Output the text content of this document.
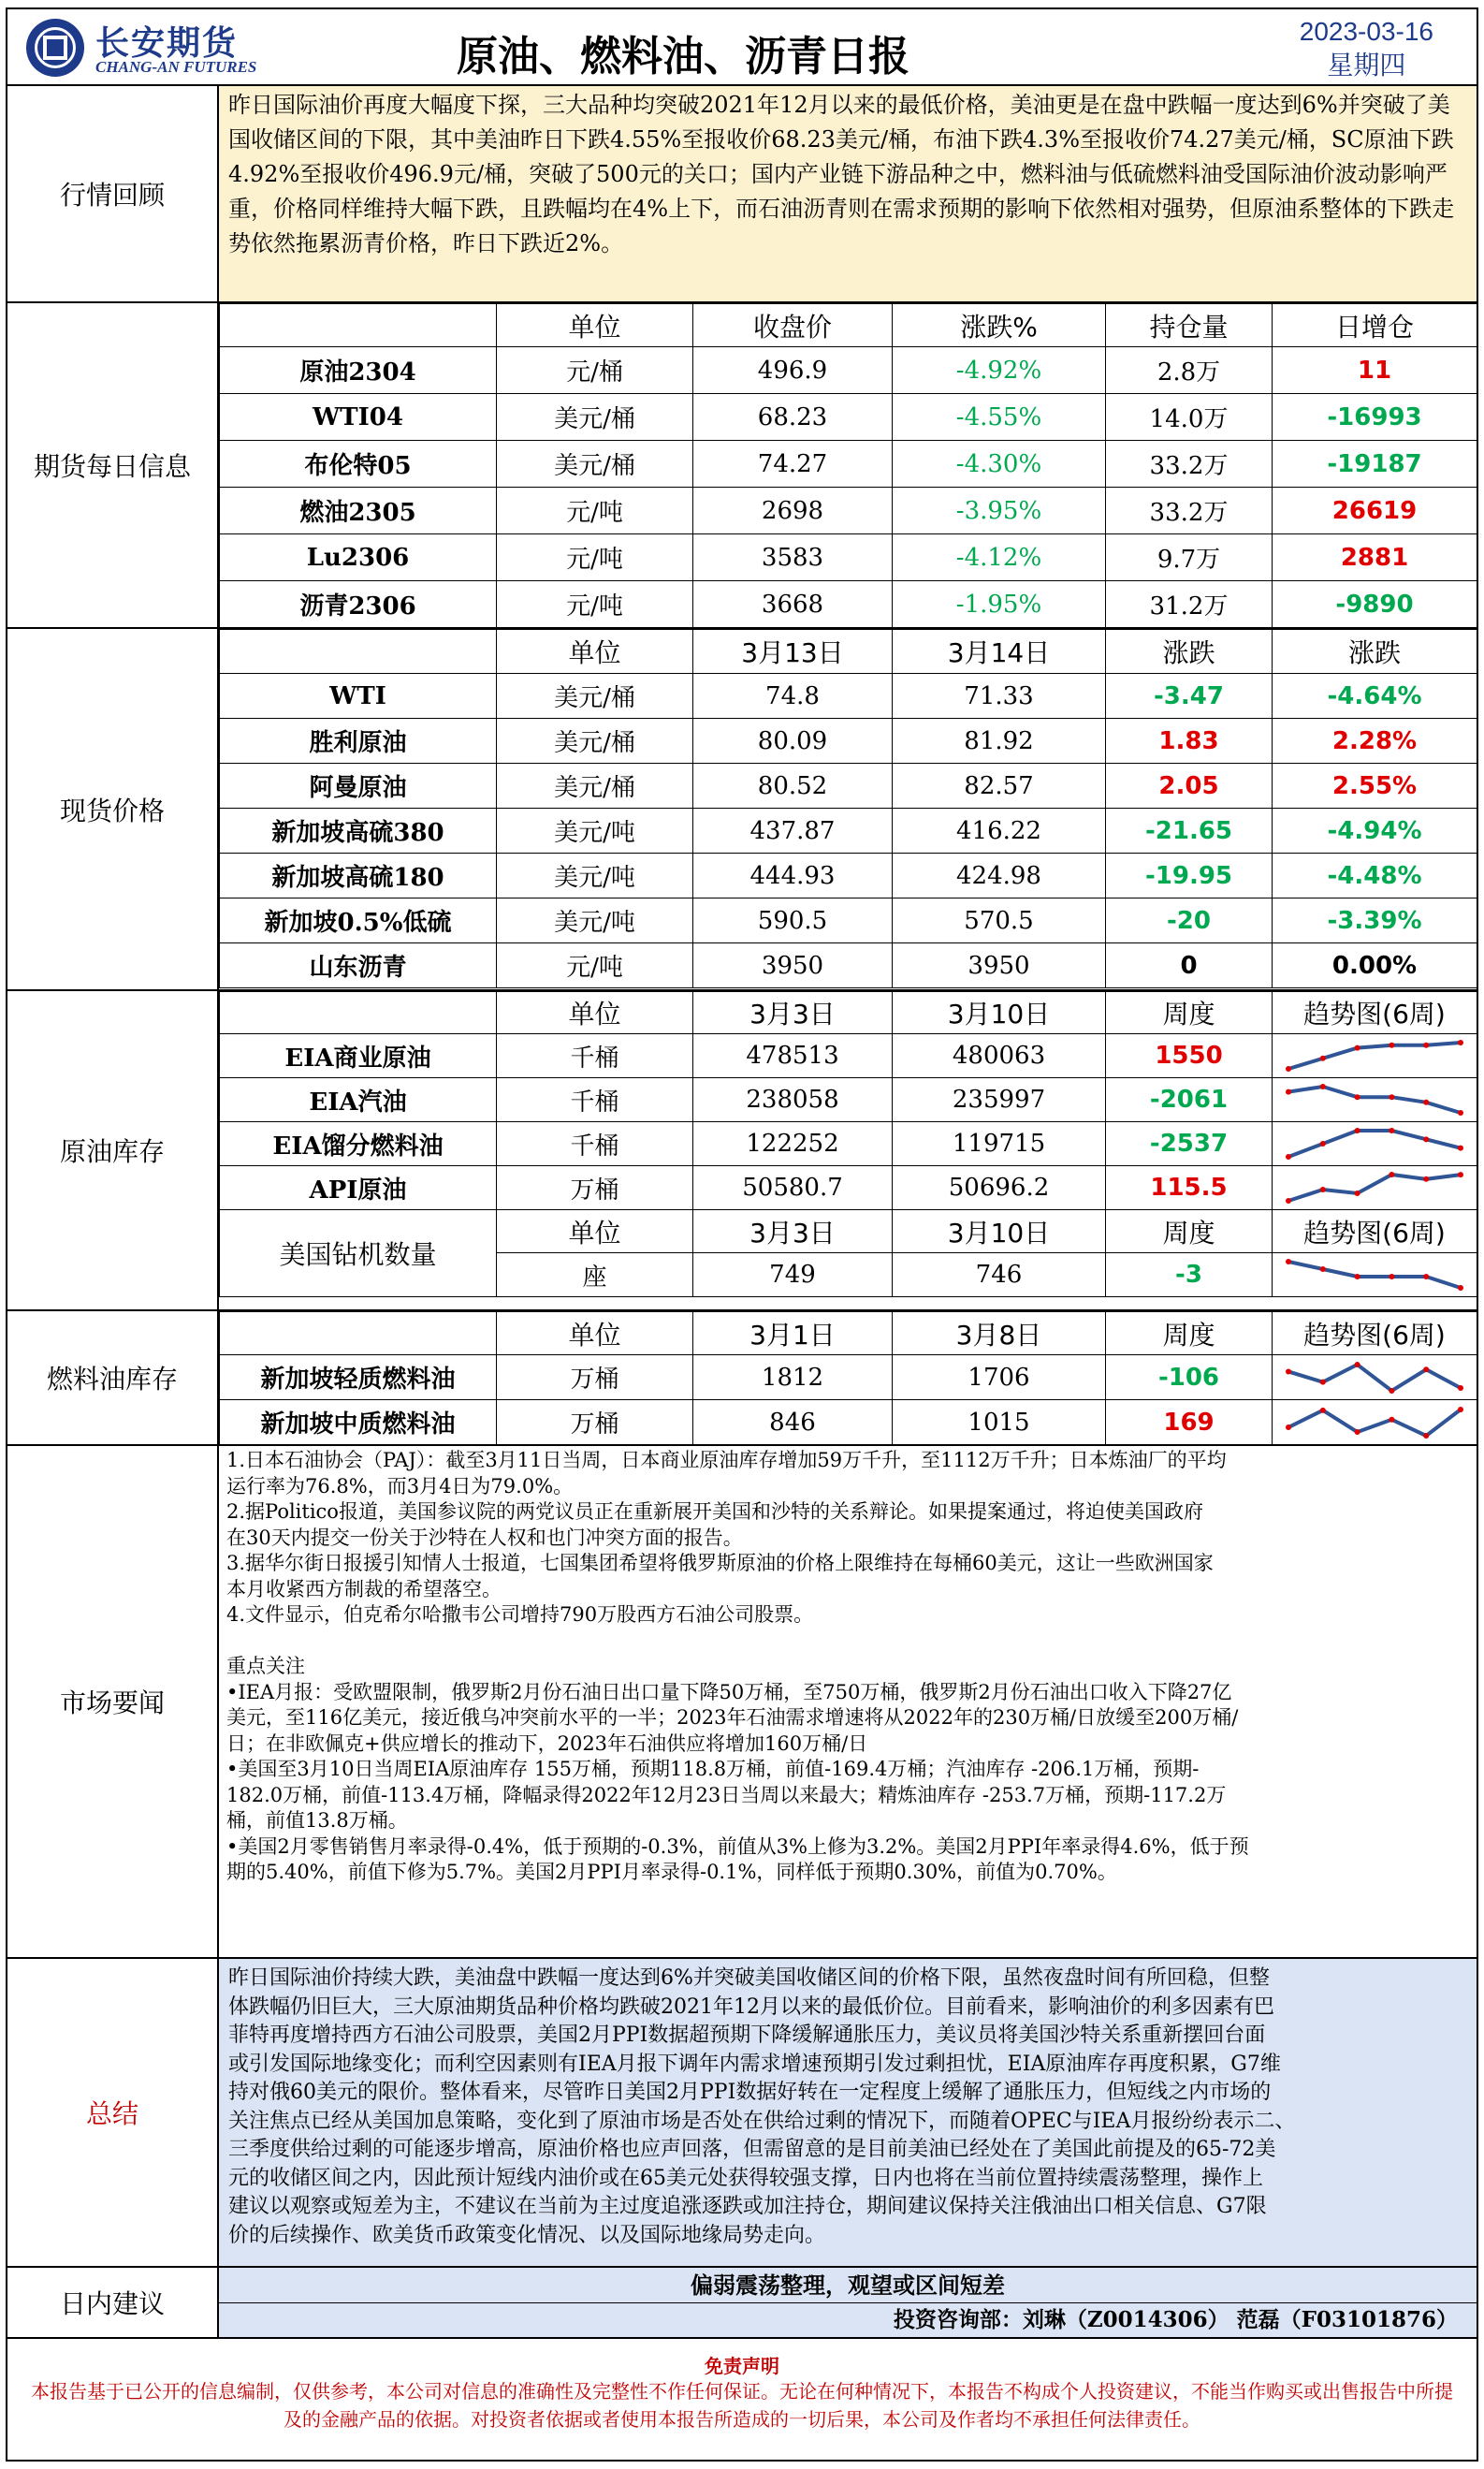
长安期货
CHANG-AN FUTURES	原油、燃料油、沥青日报
2023-03-16
星期四
行情回顾
昨日国际油价再度大幅度下探，三大品种均突破2021年12月以来的最低价格，美油更是在盘中跌幅一度达到6%并突破了美国收储区间的下限，其中美油昨日下跌4.55%至报收价68.23美元/桶，布油下跌4.3%至报收价74.27美元/桶，SC原油下跌4.92%至报收价496.9元/桶，突破了500元的关口；国内产业链下游品种之中，燃料油与低硫燃料油受国际油价波动影响严重，价格同样维持大幅下跌，且跌幅均在4%上下，而石油沥青则在需求预期的影响下依然相对强势，但原油系整体的下跌走势依然拖累沥青价格，昨日下跌近2%。
期货每日信息
	单位	收盘价	涨跌%	持仓量	日增仓
原油2304	元/桶	496.9	-4.92%	2.8万	11
WTI04	美元/桶	68.23	-4.55%	14.0万	-16993
布伦特05	美元/桶	74.27	-4.30%	33.2万	-19187
燃油2305	元/吨	2698	-3.95%	33.2万	26619
Lu2306	元/吨	3583	-4.12%	9.7万	2881
沥青2306	元/吨	3668	-1.95%	31.2万	-9890
现货价格
	单位	3月13日	3月14日	涨跌	涨跌
WTI	美元/桶	74.8	71.33	-3.47	-4.64%
胜利原油	美元/桶	80.09	81.92	1.83	2.28%
阿曼原油	美元/桶	80.52	82.57	2.05	2.55%
新加坡高硫380	美元/吨	437.87	416.22	-21.65	-4.94%
新加坡高硫180	美元/吨	444.93	424.98	-19.95	-4.48%
新加坡0.5%低硫	美元/吨	590.5	570.5	-20	-3.39%
山东沥青	元/吨	3950	3950	0	0.00%
原油库存
	单位	3月3日	3月10日	周度	趋势图(6周)
EIA商业原油	千桶	478513	480063	1550	

EIA汽油	千桶	238058	235997	-2061	

EIA馏分燃料油	千桶	122252	119715	-2537	

API原油	万桶	50580.7	50696.2	115.5	

美国钻机数量	单位	3月3日	3月10日	周度	趋势图(6周)
	座	749	746	-3	
燃料油库存
	单位	3月1日	3月8日	周度	趋势图(6周)
新加坡轻质燃料油	万桶	1812	1706	-106	

新加坡中质燃料油	万桶	846	1015	169	
市场要闻
1.日本石油协会（PAJ）：截至3月11日当周，日本商业原油库存增加59万千升，至1112万千升；日本炼油厂的平均
运行率为76.8%，而3月4日为79.0%。
2.据Politico报道，美国参议院的两党议员正在重新展开美国和沙特的关系辩论。如果提案通过，将迫使美国政府
在30天内提交一份关于沙特在人权和也门冲突方面的报告。
3.据华尔街日报援引知情人士报道，七国集团希望将俄罗斯原油的价格上限维持在每桶60美元，这让一些欧洲国家
本月收紧西方制裁的希望落空。
4.文件显示，伯克希尔哈撒韦公司增持790万股西方石油公司股票。

重点关注
•IEA月报：受欧盟限制，俄罗斯2月份石油日出口量下降50万桶，至750万桶，俄罗斯2月份石油出口收入下降27亿
美元，至116亿美元，接近俄乌冲突前水平的一半；2023年石油需求增速将从2022年的230万桶/日放缓至200万桶/
日；在非欧佩克+供应增长的推动下，2023年石油供应将增加160万桶/日
•美国至3月10日当周EIA原油库存 155万桶，预期118.8万桶，前值-169.4万桶；汽油库存 -206.1万桶，预期-
182.0万桶，前值-113.4万桶，降幅录得2022年12月23日当周以来最大；精炼油库存 -253.7万桶，预期-117.2万
桶，前值13.8万桶。
•美国2月零售销售月率录得-0.4%，低于预期的-0.3%，前值从3%上修为3.2%。美国2月PPI年率录得4.6%，低于预
期的5.40%，前值下修为5.7%。美国2月PPI月率录得-0.1%，同样低于预期0.30%，前值为0.70%。
总结
昨日国际油价持续大跌，美油盘中跌幅一度达到6%并突破美国收储区间的价格下限，虽然夜盘时间有所回稳，但整
体跌幅仍旧巨大，三大原油期货品种价格均跌破2021年12月以来的最低价位。目前看来，影响油价的利多因素有巴
菲特再度增持西方石油公司股票，美国2月PPI数据超预期下降缓解通胀压力，美议员将美国沙特关系重新摆回台面
或引发国际地缘变化；而利空因素则有IEA月报下调年内需求增速预期引发过剩担忧，EIA原油库存再度积累，G7维
持对俄60美元的限价。整体看来，尽管昨日美国2月PPI数据好转在一定程度上缓解了通胀压力，但短线之内市场的
关注焦点已经从美国加息策略，变化到了原油市场是否处在供给过剩的情况下，而随着OPEC与IEA月报纷纷表示二、
三季度供给过剩的可能逐步增高，原油价格也应声回落，但需留意的是目前美油已经处在了美国此前提及的65-72美
元的收储区间之内，因此预计短线内油价或在65美元处获得较强支撑，日内也将在当前位置持续震荡整理，操作上
建议以观察或短差为主，不建议在当前为主过度追涨逐跌或加注持仓，期间建议保持关注俄油出口相关信息、G7限
价的后续操作、欧美货币政策变化情况、以及国际地缘局势走向。
日内建议
偏弱震荡整理，观望或区间短差
投资咨询部：刘琳（Z0014306） 范磊（F03101876）
免责声明
本报告基于已公开的信息编制，仅供参考，本公司对信息的准确性及完整性不作任何保证。无论在何种情况下，本报告不构成个人投资建议，不能当作购买或出售报告中所提及的金融产品的依据。对投资者依据或者使用本报告所造成的一切后果，本公司及作者均不承担任何法律责任。
